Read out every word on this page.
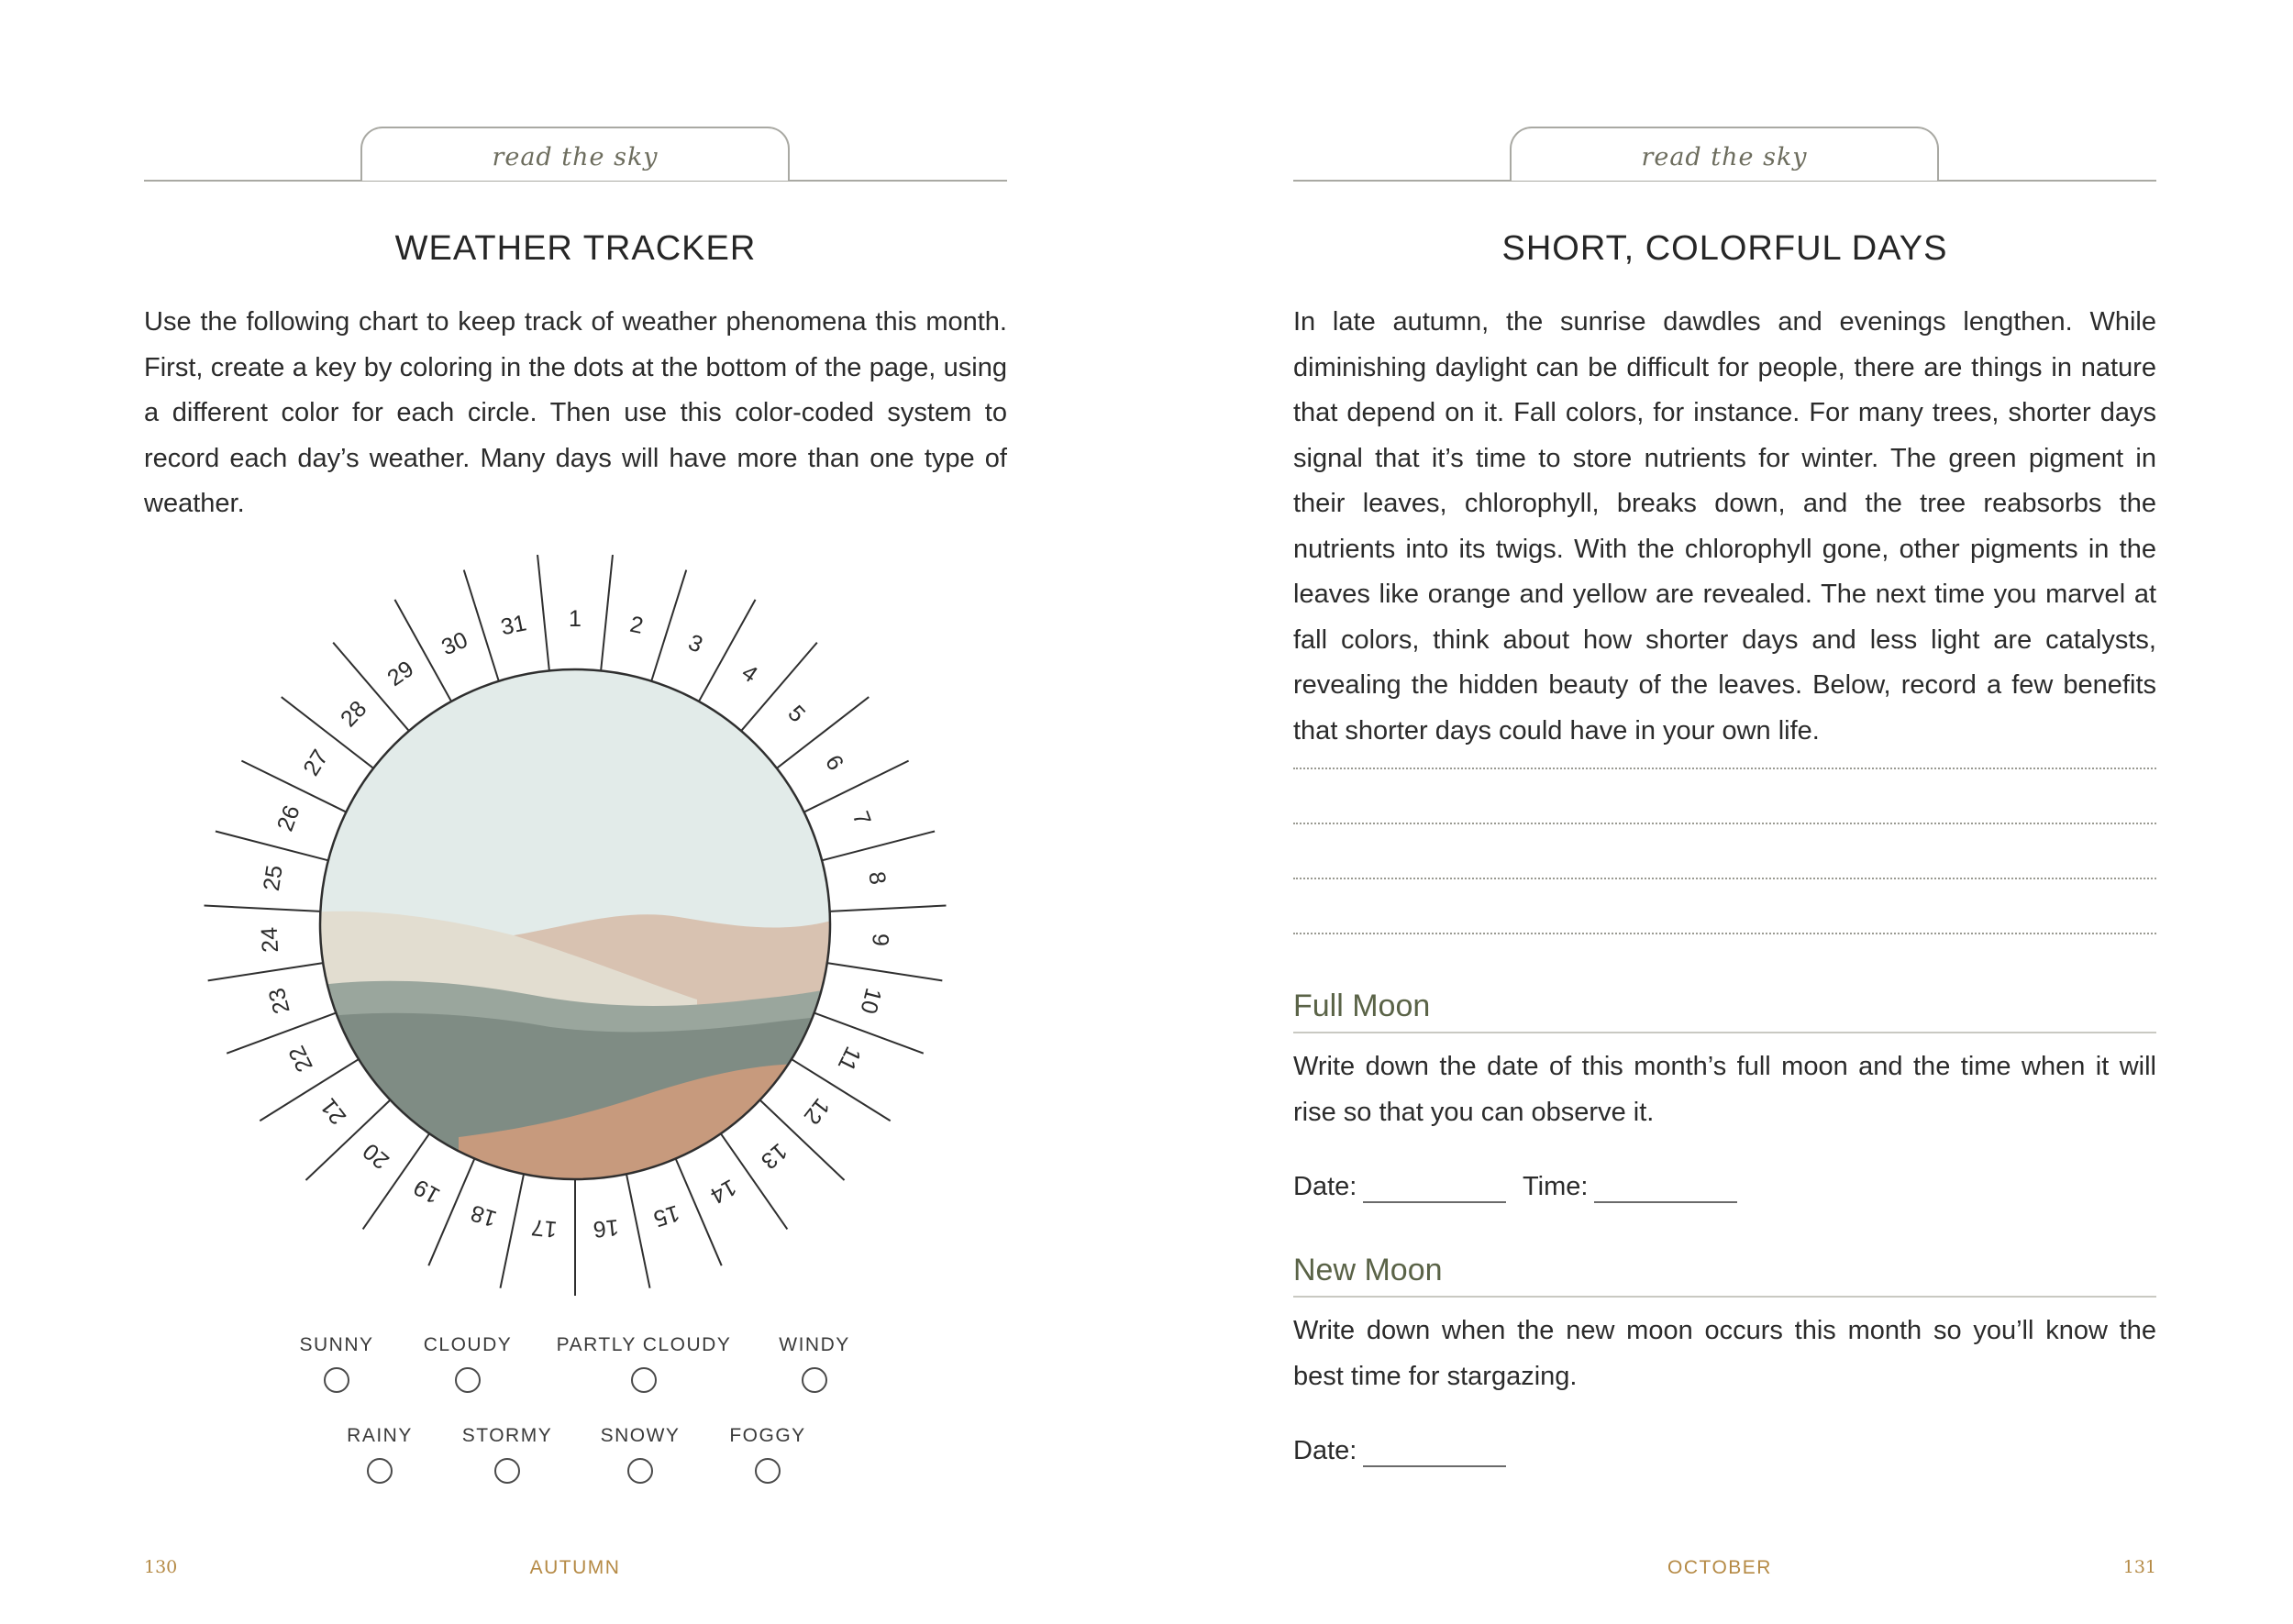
read the sky
WEATHER TRACKER

Use the following chart to keep track of weather phenomena this month. First, create a key by coloring in the dots at the bottom of the page, using a different color for each circle. Then use this color-coded system to record each day’s weather. Many days will have more than one type of weather.

1 2
3
4
5
6
7
8
9
10
11
12
13
14
15
16
17
18
19
20
21
22
23
24
25
26
27
28
29
30
31
SUNNY	CLOUDY	PARTLY CLOUDY	WINDY
RAINY	STORMY	SNOWY	FOGGY
130	AUTUMN
read the sky
SHORT, COLORFUL DAYS

In late autumn, the sunrise dawdles and evenings lengthen. While diminishing daylight can be difficult for people, there are things in nature that depend on it. Fall colors, for instance. For many trees, shorter days signal that it’s time to store nutrients for winter. The green pigment in their leaves, chlorophyll, breaks down, and the tree reabsorbs the nutrients into its twigs. With the chlorophyll gone, other pigments in the leaves like orange and yellow are revealed. The next time you marvel at fall colors, think about how shorter days and less light are catalysts, revealing the hidden beauty of the leaves. Below, record a few benefits that shorter days could have in your own life.

Full Moon

Write down the date of this month’s full moon and the time when it will rise so that you can observe it.

Date:	Time:
New Moon

Write down when the new moon occurs this month so you’ll know the best time for stargazing.

Date:
OCTOBER	131
